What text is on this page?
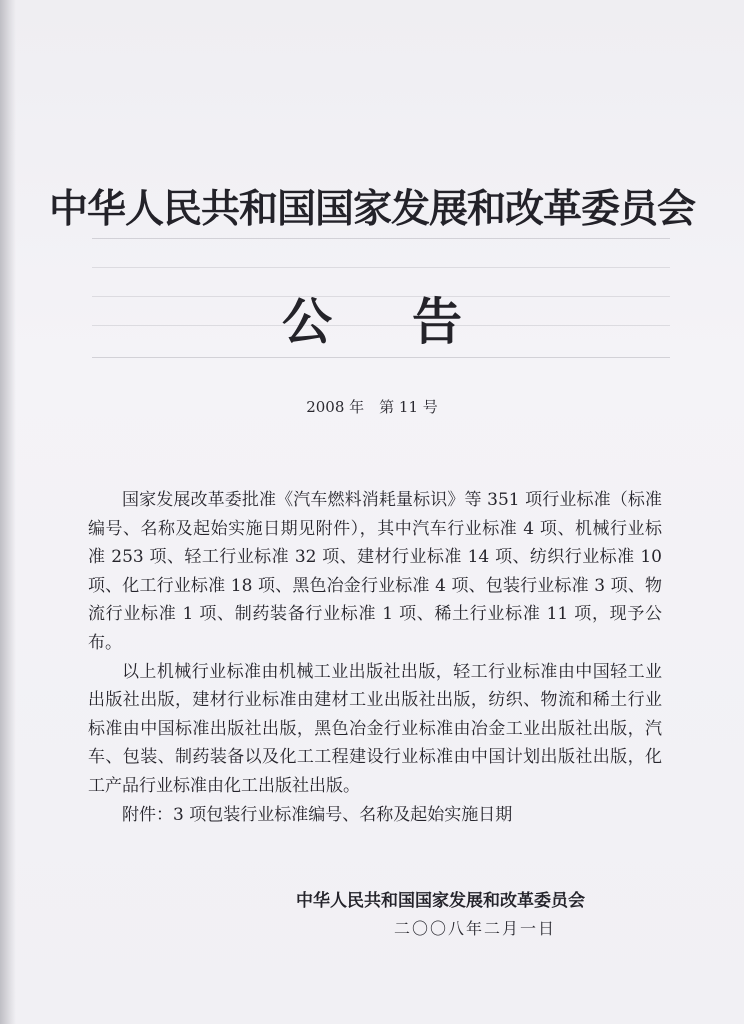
中华人民共和国国家发展和改革委员会
公告
2008 年　第 11 号

国家发展改革委批准《汽车燃料消耗量标识》等 351 项行业标准（标准编号、名称及起始实施日期见附件），其中汽车行业标准 4 项、机械行业标准 253 项、轻工行业标准 32 项、建材行业标准 14 项、纺织行业标准 10 项、化工行业标准 18 项、黑色冶金行业标准 4 项、包装行业标准 3 项、物流行业标准 1 项、制药装备行业标准 1 项、稀土行业标准 11 项，现予公布。

以上机械行业标准由机械工业出版社出版，轻工行业标准由中国轻工业出版社出版，建材行业标准由建材工业出版社出版，纺织、物流和稀土行业标准由中国标准出版社出版，黑色冶金行业标准由冶金工业出版社出版，汽车、包装、制药装备以及化工工程建设行业标准由中国计划出版社出版，化工产品行业标准由化工出版社出版。

附件：3 项包装行业标准编号、名称及起始实施日期

中华人民共和国国家发展和改革委员会
二〇〇八年二月一日
